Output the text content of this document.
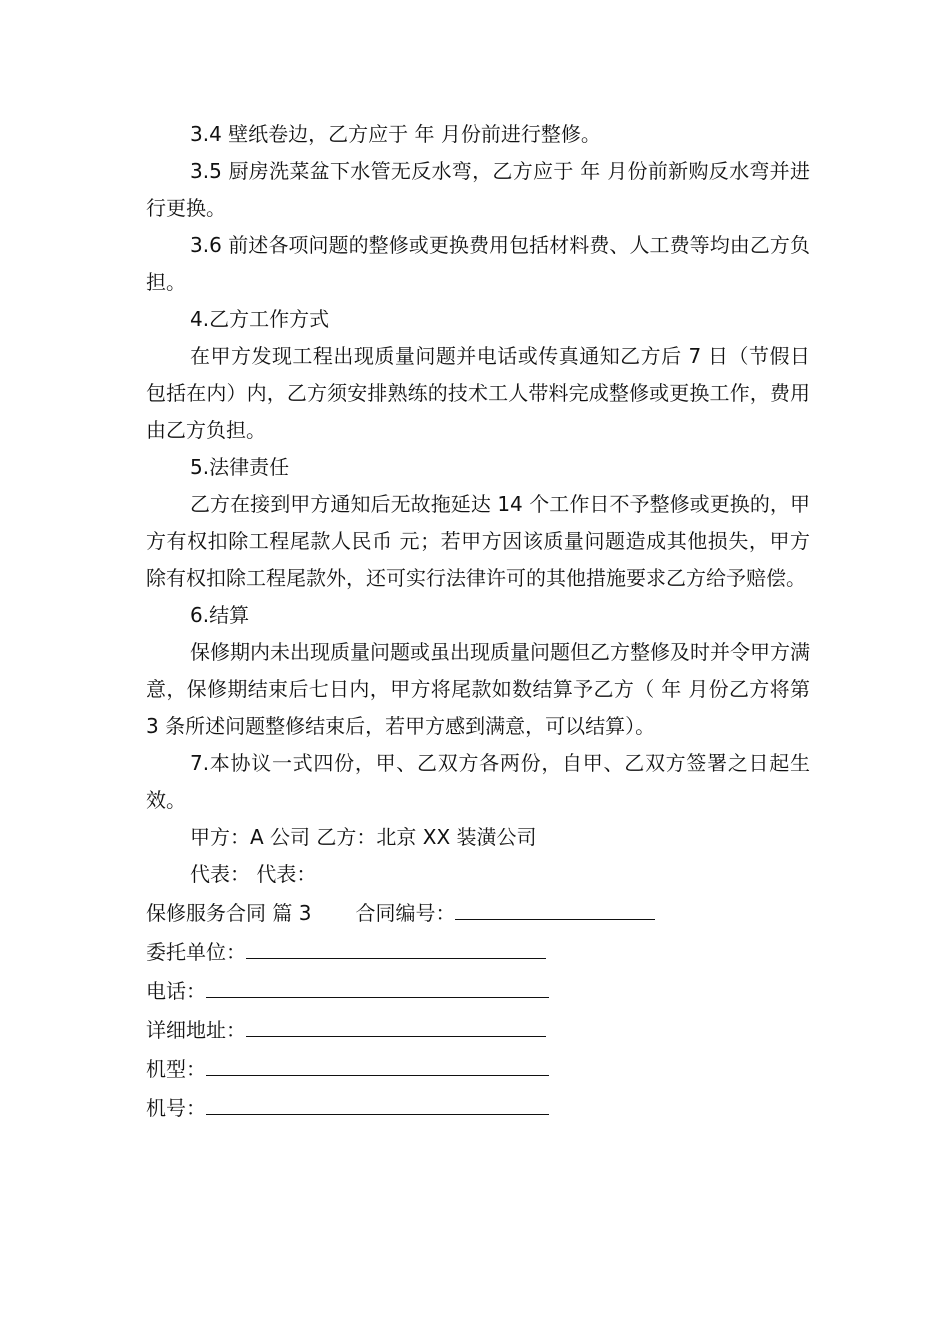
3.4 壁纸卷边，乙方应于 年 月份前进行整修。

3.5 厨房洗菜盆下水管无反水弯，乙方应于 年 月份前新购反水弯并进行更换。

3.6 前述各项问题的整修或更换费用包括材料费、人工费等均由乙方负担。

4.乙方工作方式

在甲方发现工程出现质量问题并电话或传真通知乙方后 7 日（节假日包括在内）内，乙方须安排熟练的技术工人带料完成整修或更换工作，费用由乙方负担。

5.法律责任

乙方在接到甲方通知后无故拖延达 14 个工作日不予整修或更换的，甲方有权扣除工程尾款人民币 元；若甲方因该质量问题造成其他损失，甲方除有权扣除工程尾款外，还可实行法律许可的其他措施要求乙方给予赔偿。

6.结算

保修期内未出现质量问题或虽出现质量问题但乙方整修及时并令甲方满意，保修期结束后七日内，甲方将尾款如数结算予乙方（ 年 月份乙方将第 3 条所述问题整修结束后，若甲方感到满意，可以结算）。

7.本协议一式四份，甲、乙双方各两份，自甲、乙双方签署之日起生效。

甲方：A 公司 乙方：北京 XX 装潢公司

代表： 代表：

保修服务合同 篇 3 合同编号：

委托单位：

电话：

详细地址：

机型：

机号：
